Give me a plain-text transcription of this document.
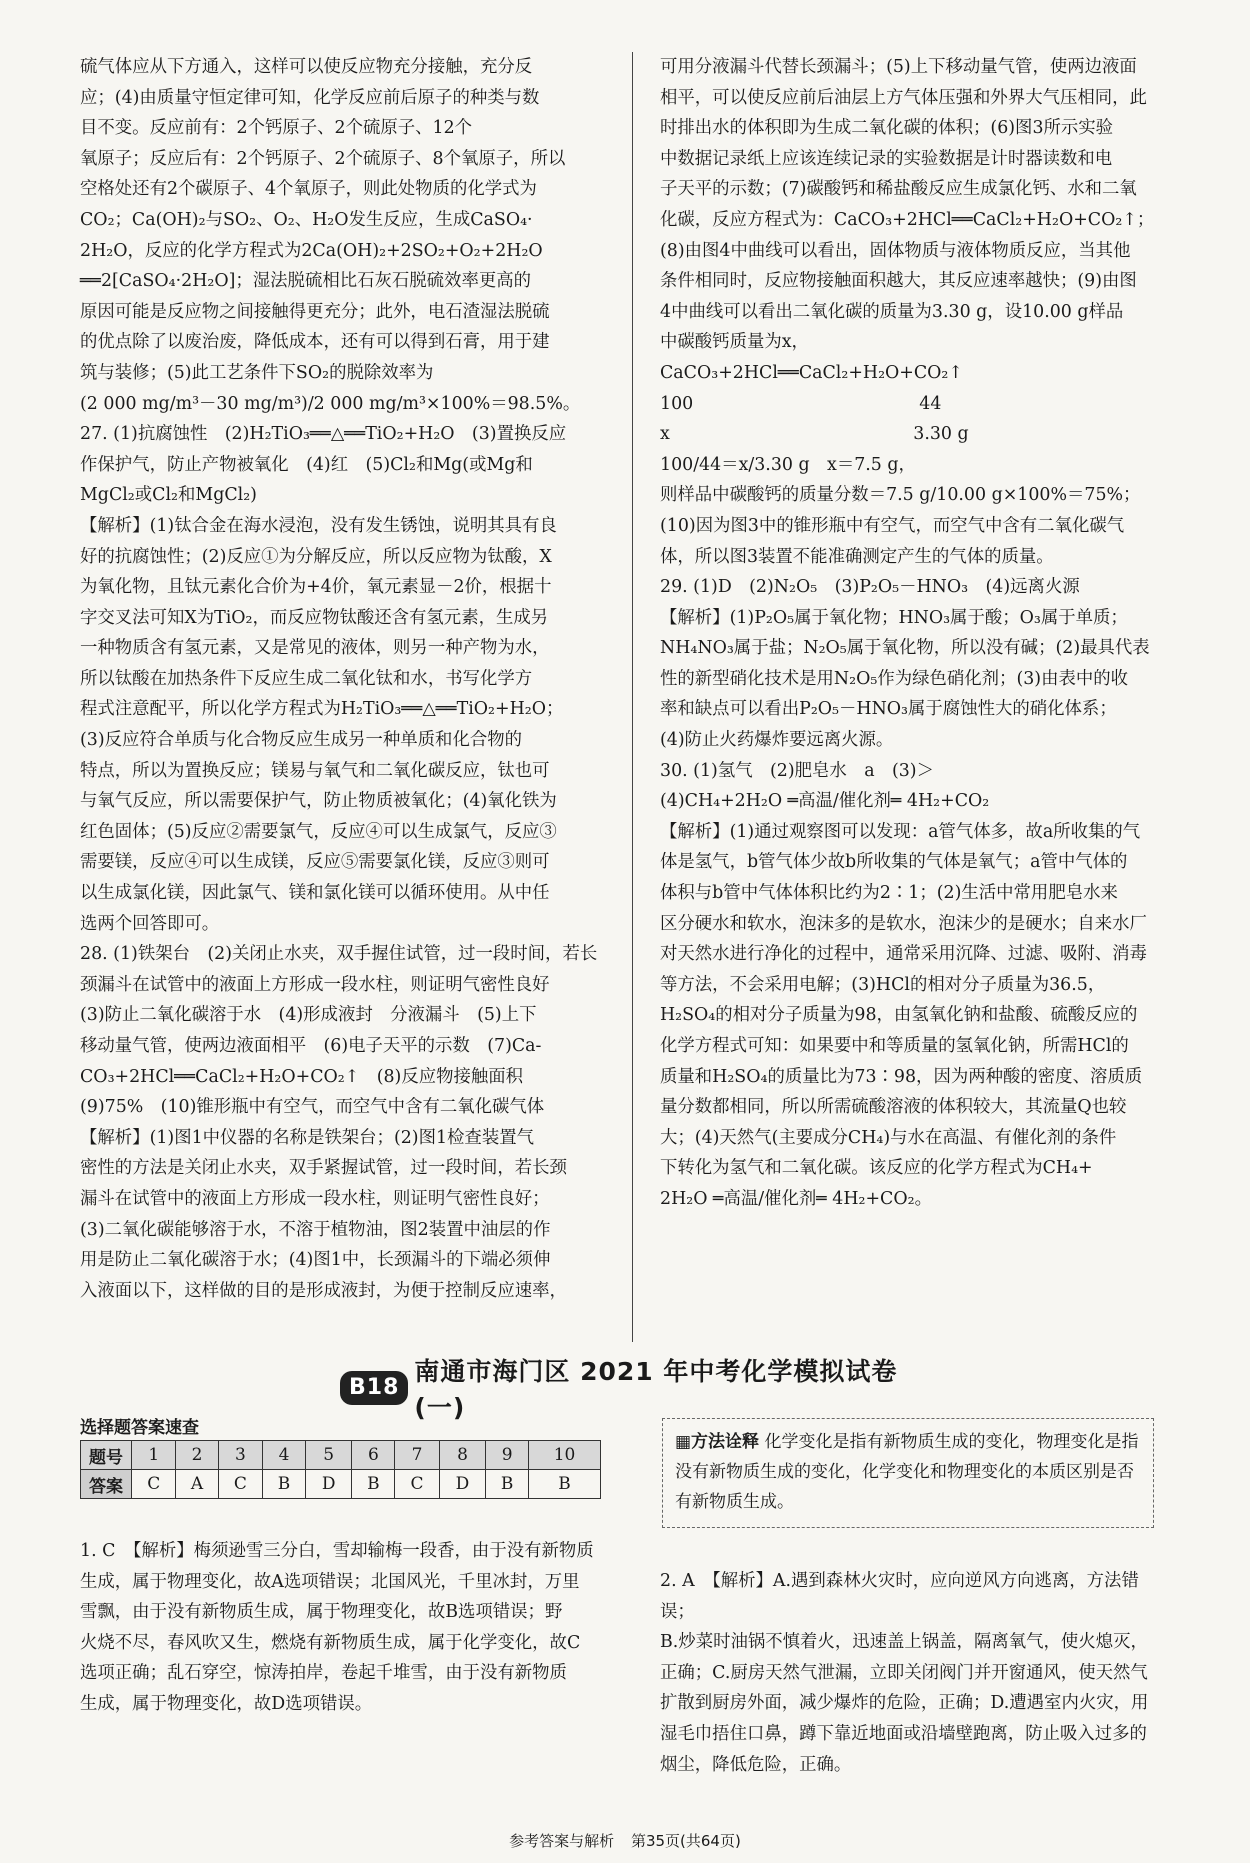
硫气体应从下方通入，这样可以使反应物充分接触，充分反

应；(4)由质量守恒定律可知，化学反应前后原子的种类与数

目不变。反应前有：2个钙原子、2个硫原子、12个

氧原子；反应后有：2个钙原子、2个硫原子、8个氧原子，所以

空格处还有2个碳原子、4个氧原子，则此处物质的化学式为

CO₂；Ca(OH)₂与SO₂、O₂、H₂O发生反应，生成CaSO₄·

2H₂O，反应的化学方程式为2Ca(OH)₂+2SO₂+O₂+2H₂O

══2[CaSO₄·2H₂O]；湿法脱硫相比石灰石脱硫效率更高的

原因可能是反应物之间接触得更充分；此外，电石渣湿法脱硫

的优点除了以废治废，降低成本，还有可以得到石膏，用于建

筑与装修；(5)此工艺条件下SO₂的脱除效率为

(2 000 mg/m³－30 mg/m³)/2 000 mg/m³×100%＝98.5%。

27. (1)抗腐蚀性　(2)H₂TiO₃══△══TiO₂+H₂O　(3)置换反应

作保护气，防止产物被氧化　(4)红　(5)Cl₂和Mg(或Mg和

MgCl₂或Cl₂和MgCl₂)

【解析】(1)钛合金在海水浸泡，没有发生锈蚀，说明其具有良

好的抗腐蚀性；(2)反应①为分解反应，所以反应物为钛酸，X

为氧化物，且钛元素化合价为+4价，氧元素显－2价，根据十

字交叉法可知X为TiO₂，而反应物钛酸还含有氢元素，生成另

一种物质含有氢元素，又是常见的液体，则另一种产物为水，

所以钛酸在加热条件下反应生成二氧化钛和水，书写化学方

程式注意配平，所以化学方程式为H₂TiO₃══△══TiO₂+H₂O；

(3)反应符合单质与化合物反应生成另一种单质和化合物的

特点，所以为置换反应；镁易与氧气和二氧化碳反应，钛也可

与氧气反应，所以需要保护气，防止物质被氧化；(4)氧化铁为

红色固体；(5)反应②需要氯气，反应④可以生成氯气，反应③

需要镁，反应④可以生成镁，反应⑤需要氯化镁，反应③则可

以生成氯化镁，因此氯气、镁和氯化镁可以循环使用。从中任

选两个回答即可。

28. (1)铁架台　(2)关闭止水夹，双手握住试管，过一段时间，若长

颈漏斗在试管中的液面上方形成一段水柱，则证明气密性良好

(3)防止二氧化碳溶于水　(4)形成液封　分液漏斗　(5)上下

移动量气管，使两边液面相平　(6)电子天平的示数　(7)Ca-

CO₃+2HCl══CaCl₂+H₂O+CO₂↑　(8)反应物接触面积

(9)75%　(10)锥形瓶中有空气，而空气中含有二氧化碳气体

【解析】(1)图1中仪器的名称是铁架台；(2)图1检查装置气

密性的方法是关闭止水夹，双手紧握试管，过一段时间，若长颈

漏斗在试管中的液面上方形成一段水柱，则证明气密性良好；

(3)二氧化碳能够溶于水，不溶于植物油，图2装置中油层的作

用是防止二氧化碳溶于水；(4)图1中，长颈漏斗的下端必须伸

入液面以下，这样做的目的是形成液封，为便于控制反应速率，

可用分液漏斗代替长颈漏斗；(5)上下移动量气管，使两边液面

相平，可以使反应前后油层上方气体压强和外界大气压相同，此

时排出水的体积即为生成二氧化碳的体积；(6)图3所示实验

中数据记录纸上应该连续记录的实验数据是计时器读数和电

子天平的示数；(7)碳酸钙和稀盐酸反应生成氯化钙、水和二氧

化碳，反应方程式为：CaCO₃+2HCl══CaCl₂+H₂O+CO₂↑；

(8)由图4中曲线可以看出，固体物质与液体物质反应，当其他

条件相同时，反应物接触面积越大，其反应速率越快；(9)由图

4中曲线可以看出二氧化碳的质量为3.30 g，设10.00 g样品

中碳酸钙质量为x，

CaCO₃+2HCl══CaCl₂+H₂O+CO₂↑

100　　　　　　　　　　　　　44

x　　　　　　　　　　　　　　3.30 g

100/44＝x/3.30 g　x＝7.5 g，

则样品中碳酸钙的质量分数＝7.5 g/10.00 g×100%＝75%；

(10)因为图3中的锥形瓶中有空气，而空气中含有二氧化碳气

体，所以图3装置不能准确测定产生的气体的质量。

29. (1)D　(2)N₂O₅　(3)P₂O₅－HNO₃　(4)远离火源

【解析】(1)P₂O₅属于氧化物；HNO₃属于酸；O₃属于单质；

NH₄NO₃属于盐；N₂O₅属于氧化物，所以没有碱；(2)最具代表

性的新型硝化技术是用N₂O₅作为绿色硝化剂；(3)由表中的收

率和缺点可以看出P₂O₅－HNO₃属于腐蚀性大的硝化体系；

(4)防止火药爆炸要远离火源。

30. (1)氢气　(2)肥皂水　a　(3)＞

(4)CH₄+2H₂O ═高温/催化剂═ 4H₂+CO₂

【解析】(1)通过观察图可以发现：a管气体多，故a所收集的气

体是氢气，b管气体少故b所收集的气体是氧气；a管中气体的

体积与b管中气体体积比约为2∶1；(2)生活中常用肥皂水来

区分硬水和软水，泡沫多的是软水，泡沫少的是硬水；自来水厂

对天然水进行净化的过程中，通常采用沉降、过滤、吸附、消毒

等方法，不会采用电解；(3)HCl的相对分子质量为36.5，

H₂SO₄的相对分子质量为98，由氢氧化钠和盐酸、硫酸反应的

化学方程式可知：如果要中和等质量的氢氧化钠，所需HCl的

质量和H₂SO₄的质量比为73∶98，因为两种酸的密度、溶质质

量分数都相同，所以所需硫酸溶液的体积较大，其流量Q也较

大；(4)天然气(主要成分CH₄)与水在高温、有催化剂的条件

下转化为氢气和二氧化碳。该反应的化学方程式为CH₄+

2H₂O ═高温/催化剂═ 4H₂+CO₂。

B18
南通市海门区 2021 年中考化学模拟试卷(一)
选择题答案速查
题号	1	2	3	4	5	6	7	8	9	10
答案	C	A	C	B	D	B	C	D	B	B
▦方法诠释 化学变化是指有新物质生成的变化，物理变化是指没有新物质生成的变化，化学变化和物理变化的本质区别是否有新物质生成。

1. C　【解析】梅须逊雪三分白，雪却输梅一段香，由于没有新物质

生成，属于物理变化，故A选项错误；北国风光，千里冰封，万里

雪飘，由于没有新物质生成，属于物理变化，故B选项错误；野

火烧不尽，春风吹又生，燃烧有新物质生成，属于化学变化，故C

选项正确；乱石穿空，惊涛拍岸，卷起千堆雪，由于没有新物质

生成，属于物理变化，故D选项错误。

2. A　【解析】A.遇到森林火灾时，应向逆风方向逃离，方法错误；

B.炒菜时油锅不慎着火，迅速盖上锅盖，隔离氧气，使火熄灭，

正确；C.厨房天然气泄漏，立即关闭阀门并开窗通风，使天然气

扩散到厨房外面，减少爆炸的危险，正确；D.遭遇室内火灾，用

湿毛巾捂住口鼻，蹲下靠近地面或沿墙壁跑离，防止吸入过多的

烟尘，降低危险，正确。

参考答案与解析 第35页(共64页)
